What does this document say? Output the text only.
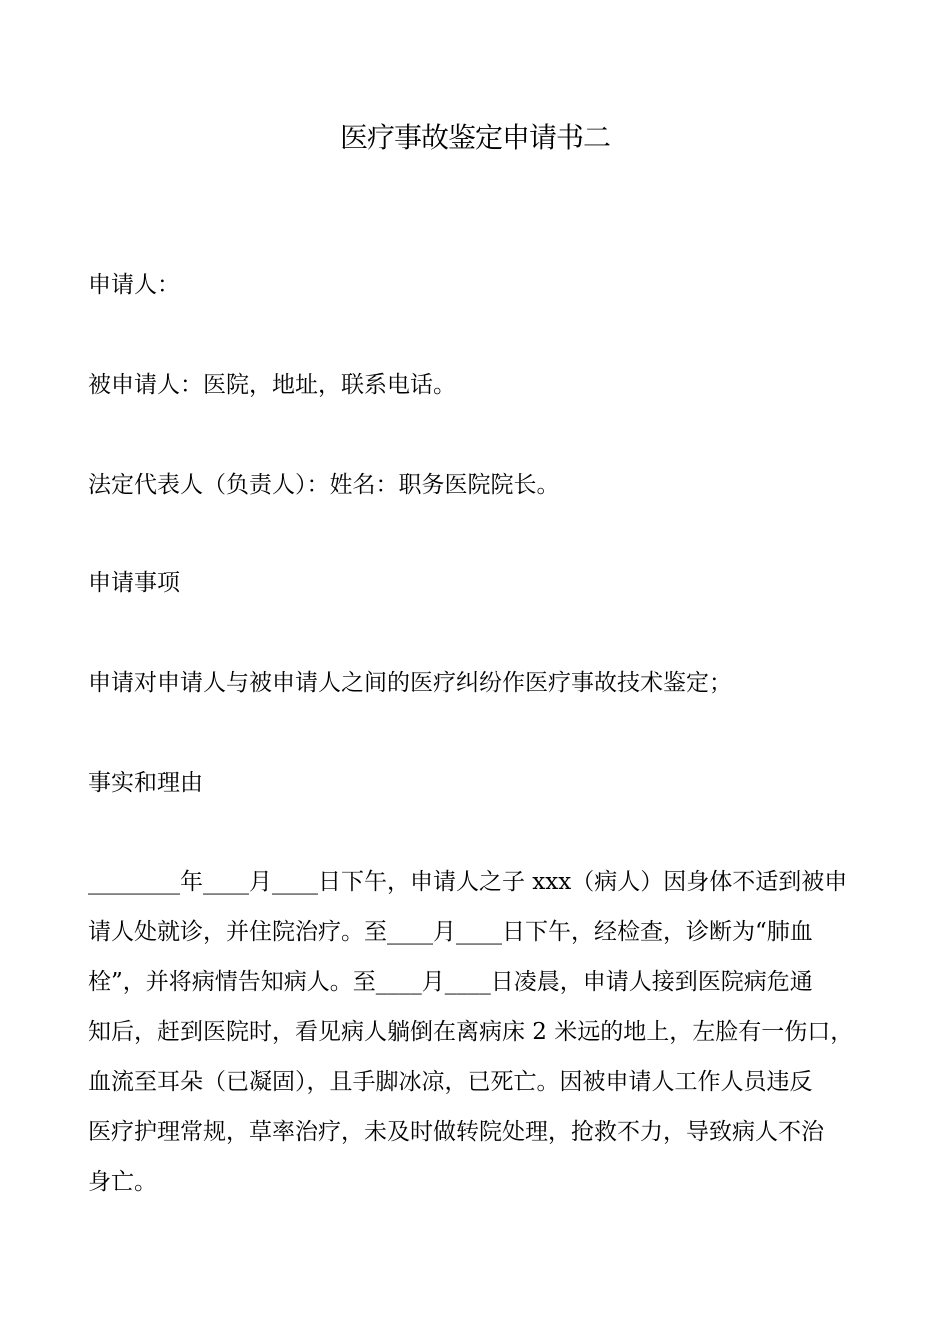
医疗事故鉴定申请书二
申请人：
被申请人：医院，地址，联系电话。
法定代表人（负责人）：姓名：职务医院院长。
申请事项
申请对申请人与被申请人之间的医疗纠纷作医疗事故技术鉴定；
事实和理由
________年____月____日下午，申请人之子 xxx（病人）因身体不适到被申
请人处就诊，并住院治疗。至____月____日下午，经检查，诊断为“肺血
栓”，并将病情告知病人。至____月____日凌晨，申请人接到医院病危通
知后，赶到医院时，看见病人躺倒在离病床 2 米远的地上，左脸有一伤口，
血流至耳朵（已凝固），且手脚冰凉，已死亡。因被申请人工作人员违反
医疗护理常规，草率治疗，未及时做转院处理，抢救不力，导致病人不治
身亡。
